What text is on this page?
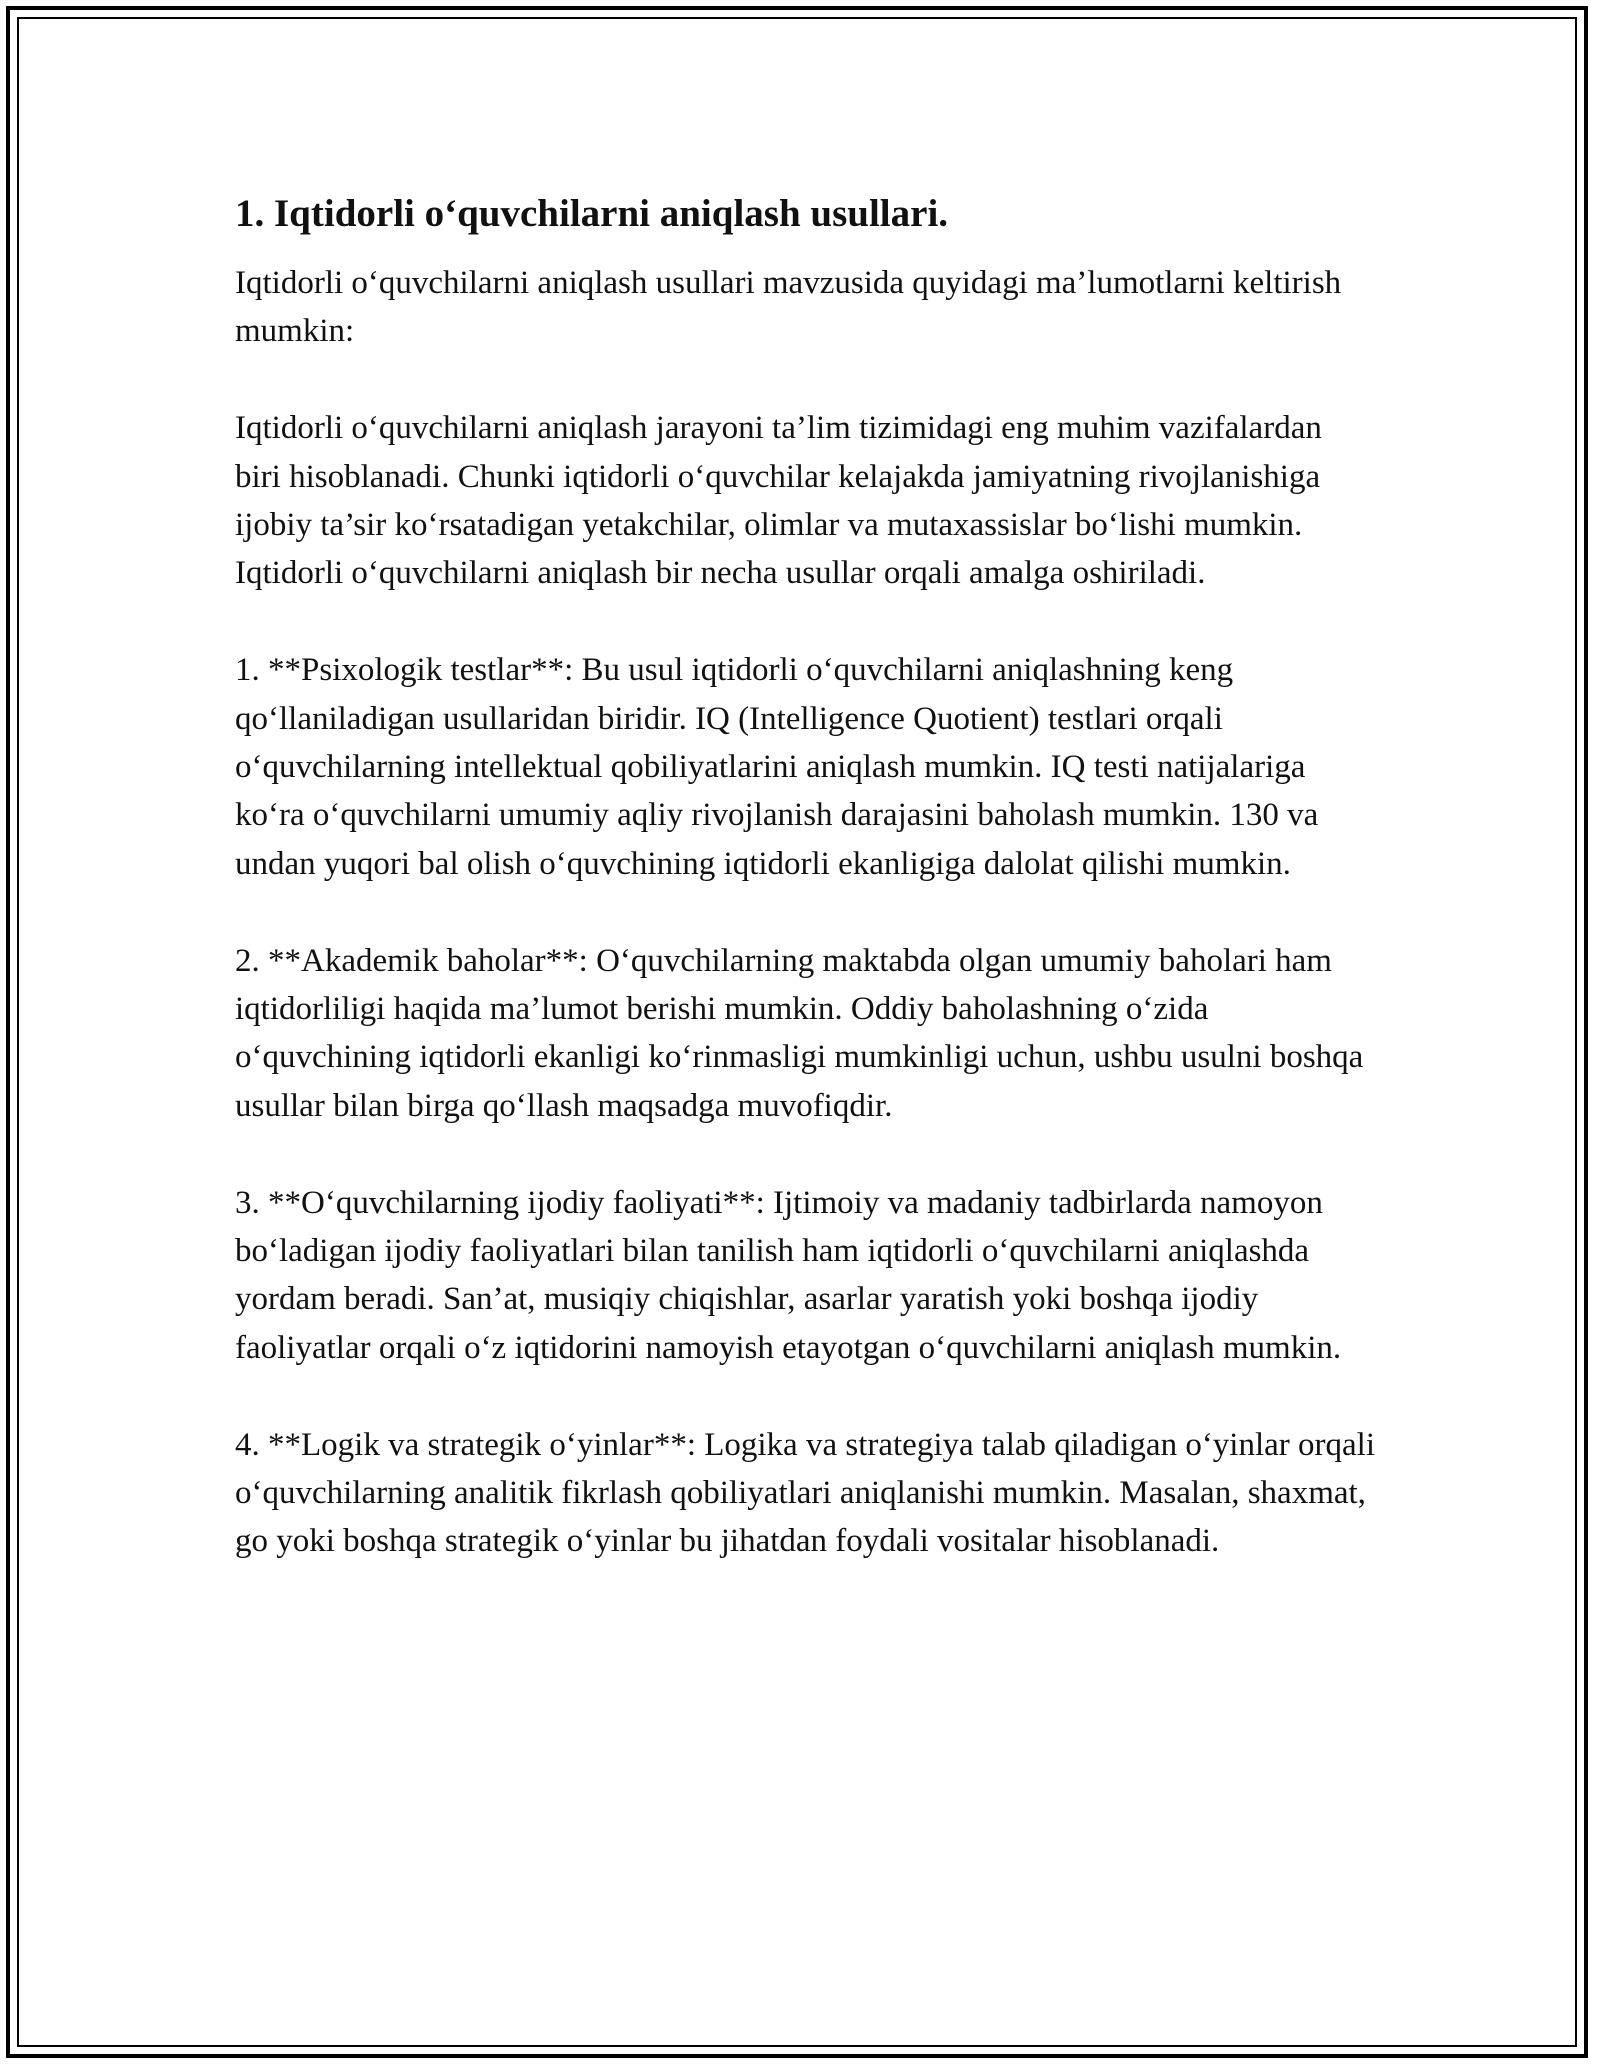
1. Iqtidorli o‘quvchilarni aniqlash usullari.

Iqtidorli o‘quvchilarni aniqlash usullari mavzusida quyidagi ma’lumotlarni keltirish mumkin:

Iqtidorli o‘quvchilarni aniqlash jarayoni ta’lim tizimidagi eng muhim vazifalardan biri hisoblanadi. Chunki iqtidorli o‘quvchilar kelajakda jamiyatning rivojlanishiga ijobiy ta’sir ko‘rsatadigan yetakchilar, olimlar va mutaxassislar bo‘lishi mumkin. Iqtidorli o‘quvchilarni aniqlash bir necha usullar orqali amalga oshiriladi.

1. **Psixologik testlar**: Bu usul iqtidorli o‘quvchilarni aniqlashning keng qo‘llaniladigan usullaridan biridir. IQ (Intelligence Quotient) testlari orqali o‘quvchilarning intellektual qobiliyatlarini aniqlash mumkin. IQ testi natijalariga ko‘ra o‘quvchilarni umumiy aqliy rivojlanish darajasini baholash mumkin. 130 va undan yuqori bal olish o‘quvchining iqtidorli ekanligiga dalolat qilishi mumkin.

2. **Akademik baholar**: O‘quvchilarning maktabda olgan umumiy baholari ham iqtidorliligi haqida ma’lumot berishi mumkin. Oddiy baholashning o‘zida o‘quvchining iqtidorli ekanligi ko‘rinmasligi mumkinligi uchun, ushbu usulni boshqa usullar bilan birga qo‘llash maqsadga muvofiqdir.

3. **O‘quvchilarning ijodiy faoliyati**: Ijtimoiy va madaniy tadbirlarda namoyon bo‘ladigan ijodiy faoliyatlari bilan tanilish ham iqtidorli o‘quvchilarni aniqlashda yordam beradi. San’at, musiqiy chiqishlar, asarlar yaratish yoki boshqa ijodiy faoliyatlar orqali o‘z iqtidorini namoyish etayotgan o‘quvchilarni aniqlash mumkin.

4. **Logik va strategik o‘yinlar**: Logika va strategiya talab qiladigan o‘yinlar orqali o‘quvchilarning analitik fikrlash qobiliyatlari aniqlanishi mumkin. Masalan, shaxmat, go yoki boshqa strategik o‘yinlar bu jihatdan foydali vositalar hisoblanadi.
